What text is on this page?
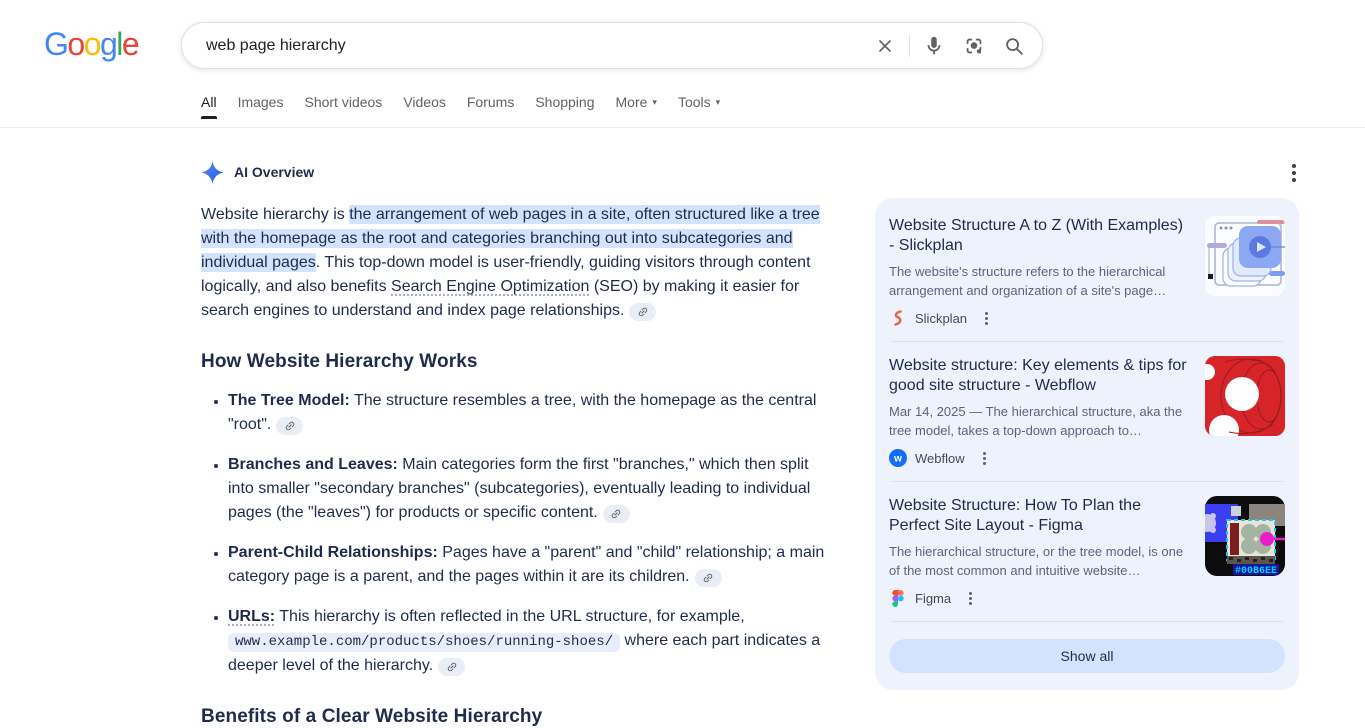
Google
web page hierarchy
All Images Short videos Videos Forums Shopping More ▾ Tools ▾
AI Overview

Website hierarchy is the arrangement of web pages in a site, often structured like a tree with the homepage as the root and categories branching out into subcategories and individual pages. This top-down model is user-friendly, guiding visitors through content logically, and also benefits Search Engine Optimization (SEO) by making it easier for search engines to understand and index page relationships.

How Website Hierarchy Works
• The Tree Model: The structure resembles a tree, with the homepage as the central "root".
• Branches and Leaves: Main categories form the first "branches," which then split into smaller "secondary branches" (subcategories), eventually leading to individual pages (the "leaves") for products or specific content.
• Parent-Child Relationships: Pages have a "parent" and "child" relationship; a main category page is a parent, and the pages within it are its children.
• URLs: This hierarchy is often reflected in the URL structure, for example, www.example.com/products/shoes/running-shoes/ where each part indicates a deeper level of the hierarchy.
Benefits of a Clear Website Hierarchy
Website Structure A to Z (With Examples) - Slickplan
The website's structure refers to the hierarchical arrangement and organization of a site's page…
Slickplan
Website structure: Key elements & tips for good site structure - Webflow
Mar 14, 2025 — The hierarchical structure, aka the tree model, takes a top-down approach to…
w Webflow
Website Structure: How To Plan the Perfect Site Layout - Figma
The hierarchical structure, or the tree model, is one of the most common and intuitive website…
Figma
#00B6EE
Show all
